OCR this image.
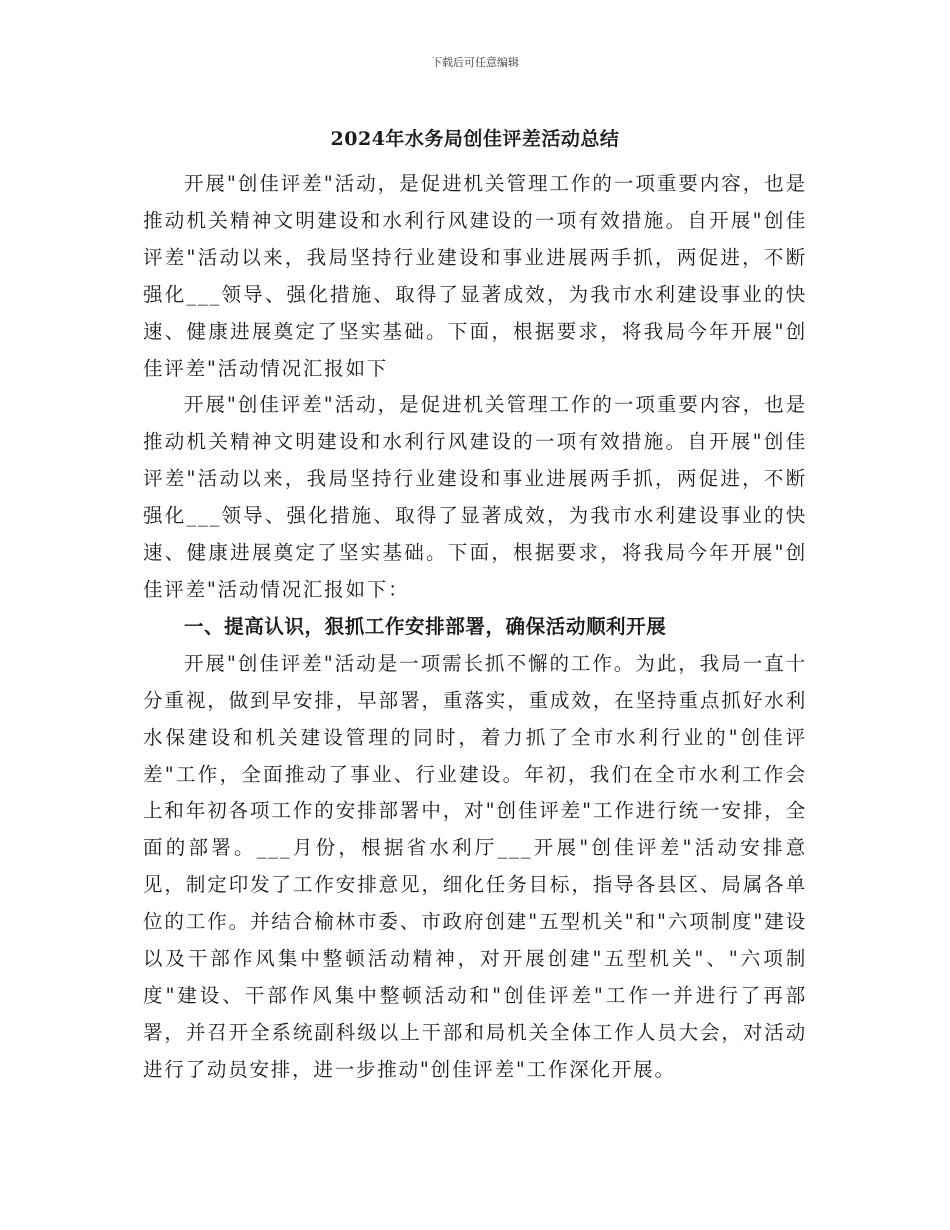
下载后可任意编辑
2024年水务局创佳评差活动总结

开展"创佳评差"活动，是促进机关管理工作的一项重要内容，也是推动机关精神文明建设和水利行风建设的一项有效措施。自开展"创佳评差"活动以来，我局坚持行业建设和事业进展两手抓，两促进，不断强化___领导、强化措施、取得了显著成效，为我市水利建设事业的快速、健康进展奠定了坚实基础。下面，根据要求，将我局今年开展"创佳评差"活动情况汇报如下

开展"创佳评差"活动，是促进机关管理工作的一项重要内容，也是推动机关精神文明建设和水利行风建设的一项有效措施。自开展"创佳评差"活动以来，我局坚持行业建设和事业进展两手抓，两促进，不断强化___领导、强化措施、取得了显著成效，为我市水利建设事业的快速、健康进展奠定了坚实基础。下面，根据要求，将我局今年开展"创佳评差"活动情况汇报如下：

一、提高认识，狠抓工作安排部署，确保活动顺利开展

开展"创佳评差"活动是一项需长抓不懈的工作。为此，我局一直十分重视，做到早安排，早部署，重落实，重成效，在坚持重点抓好水利水保建设和机关建设管理的同时，着力抓了全市水利行业的"创佳评差"工作，全面推动了事业、行业建设。年初，我们在全市水利工作会上和年初各项工作的安排部署中，对"创佳评差"工作进行统一安排，全面的部署。___月份，根据省水利厅___开展"创佳评差"活动安排意见，制定印发了工作安排意见，细化任务目标，指导各县区、局属各单位的工作。并结合榆林市委、市政府创建"五型机关"和"六项制度"建设以及干部作风集中整顿活动精神，对开展创建"五型机关"、"六项制度"建设、干部作风集中整顿活动和"创佳评差"工作一并进行了再部署，并召开全系统副科级以上干部和局机关全体工作人员大会，对活动进行了动员安排，进一步推动"创佳评差"工作深化开展。
